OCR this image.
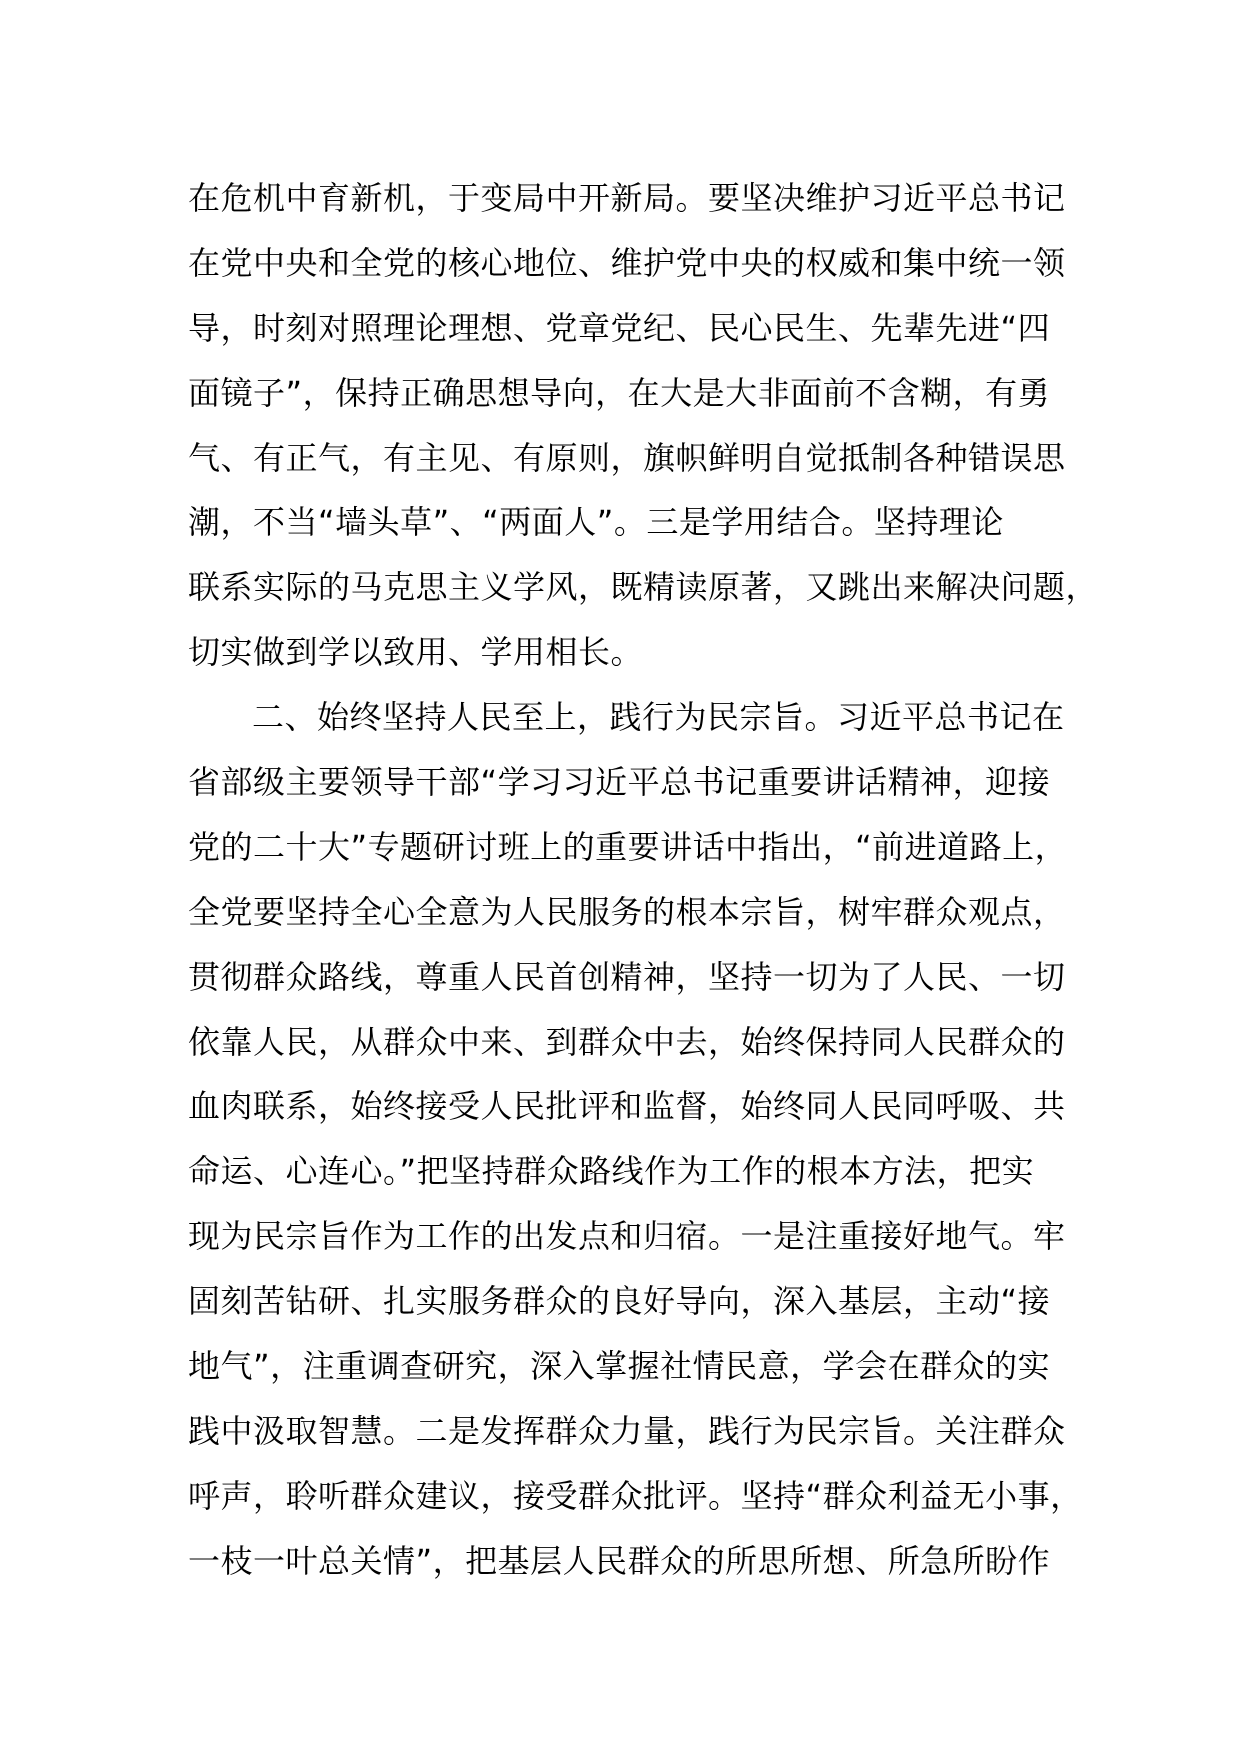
在危机中育新机，于变局中开新局。要坚决维护习近平总书记
在党中央和全党的核心地位、维护党中央的权威和集中统一领
导，时刻对照理论理想、党章党纪、民心民生、先辈先进“四
面镜子”，保持正确思想导向，在大是大非面前不含糊，有勇
气、有正气，有主见、有原则，旗帜鲜明自觉抵制各种错误思
潮，不当“墙头草”、“两面人”。三是学用结合。坚持理论
联系实际的马克思主义学风，既精读原著，又跳出来解决问题，
切实做到学以致用、学用相长。
二、始终坚持人民至上，践行为民宗旨。习近平总书记在
省部级主要领导干部“学习习近平总书记重要讲话精神，迎接
党的二十大”专题研讨班上的重要讲话中指出，“前进道路上，
全党要坚持全心全意为人民服务的根本宗旨，树牢群众观点，
贯彻群众路线，尊重人民首创精神，坚持一切为了人民、一切
依靠人民，从群众中来、到群众中去，始终保持同人民群众的
血肉联系，始终接受人民批评和监督，始终同人民同呼吸、共
命运、心连心。”把坚持群众路线作为工作的根本方法，把实
现为民宗旨作为工作的出发点和归宿。一是注重接好地气。牢
固刻苦钻研、扎实服务群众的良好导向，深入基层，主动“接
地气”，注重调查研究，深入掌握社情民意，学会在群众的实
践中汲取智慧。二是发挥群众力量，践行为民宗旨。关注群众
呼声，聆听群众建议，接受群众批评。坚持“群众利益无小事，
一枝一叶总关情”，把基层人民群众的所思所想、所急所盼作
